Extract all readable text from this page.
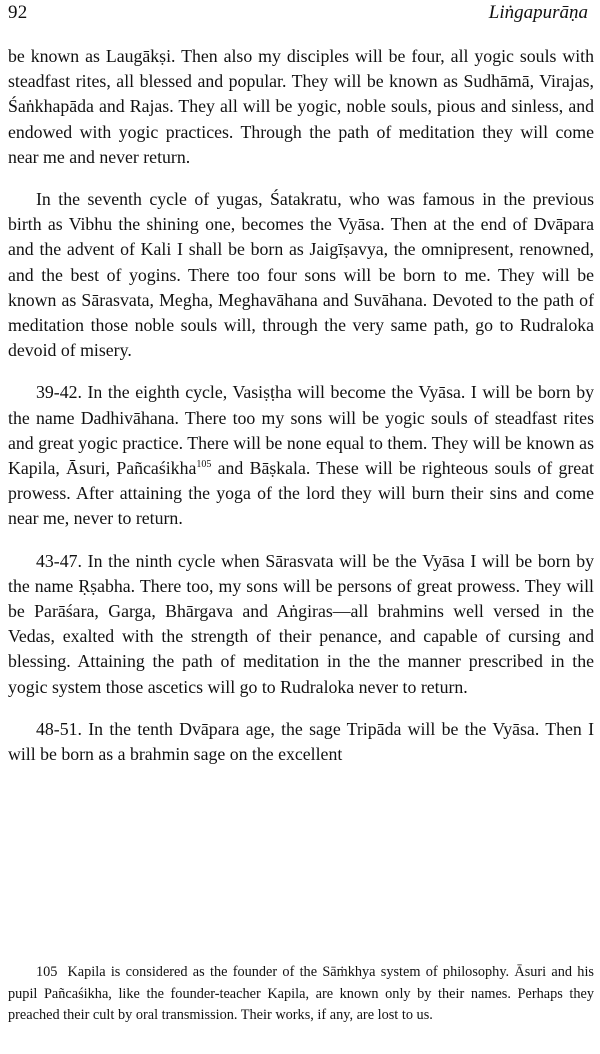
92	Liṅgapurāṇa

be known as Laugākṣi. Then also my disciples will be four, all yogic souls with steadfast rites, all blessed and popular. They will be known as Sudhāmā, Virajas, Śaṅkhapāda and Rajas. They all will be yogic, noble souls, pious and sinless, and endowed with yogic practices. Through the path of meditation they will come near me and never return.

In the seventh cycle of yugas, Śatakratu, who was famous in the previous birth as Vibhu the shining one, becomes the Vyāsa. Then at the end of Dvāpara and the advent of Kali I shall be born as Jaigīṣavya, the omnipresent, renowned, and the best of yogins. There too four sons will be born to me. They will be known as Sārasvata, Megha, Meghavāhana and Suvāhana. Devoted to the path of meditation those noble souls will, through the very same path, go to Rudraloka devoid of misery.

39-42. In the eighth cycle, Vasiṣṭha will become the Vyāsa. I will be born by the name Dadhivāhana. There too my sons will be yogic souls of steadfast rites and great yogic practice. There will be none equal to them. They will be known as Kapila, Āsuri, Pañcaśikha$^{105}$ and Bāṣkala. These will be righteous souls of great prowess. After attaining the yoga of the lord they will burn their sins and come near me, never to return.

43-47. In the ninth cycle when Sārasvata will be the Vyāsa I will be born by the name Ṛṣabha. There too, my sons will be persons of great prowess. They will be Parāśara, Garga, Bhārgava and Aṅgiras—all brahmins well versed in the Vedas, exalted with the strength of their penance, and capable of cursing and blessing. Attaining the path of meditation in the the manner prescribed in the yogic system those ascetics will go to Rudraloka never to return.

48-51. In the tenth Dvāpara age, the sage Tripāda will be the Vyāsa. Then I will be born as a brahmin sage on the excellent

105 Kapila is considered as the founder of the Sāṁkhya system of philosophy. Āsuri and his pupil Pañcaśikha, like the founder-teacher Kapila, are known only by their names. Perhaps they preached their cult by oral transmission. Their works, if any, are lost to us.
